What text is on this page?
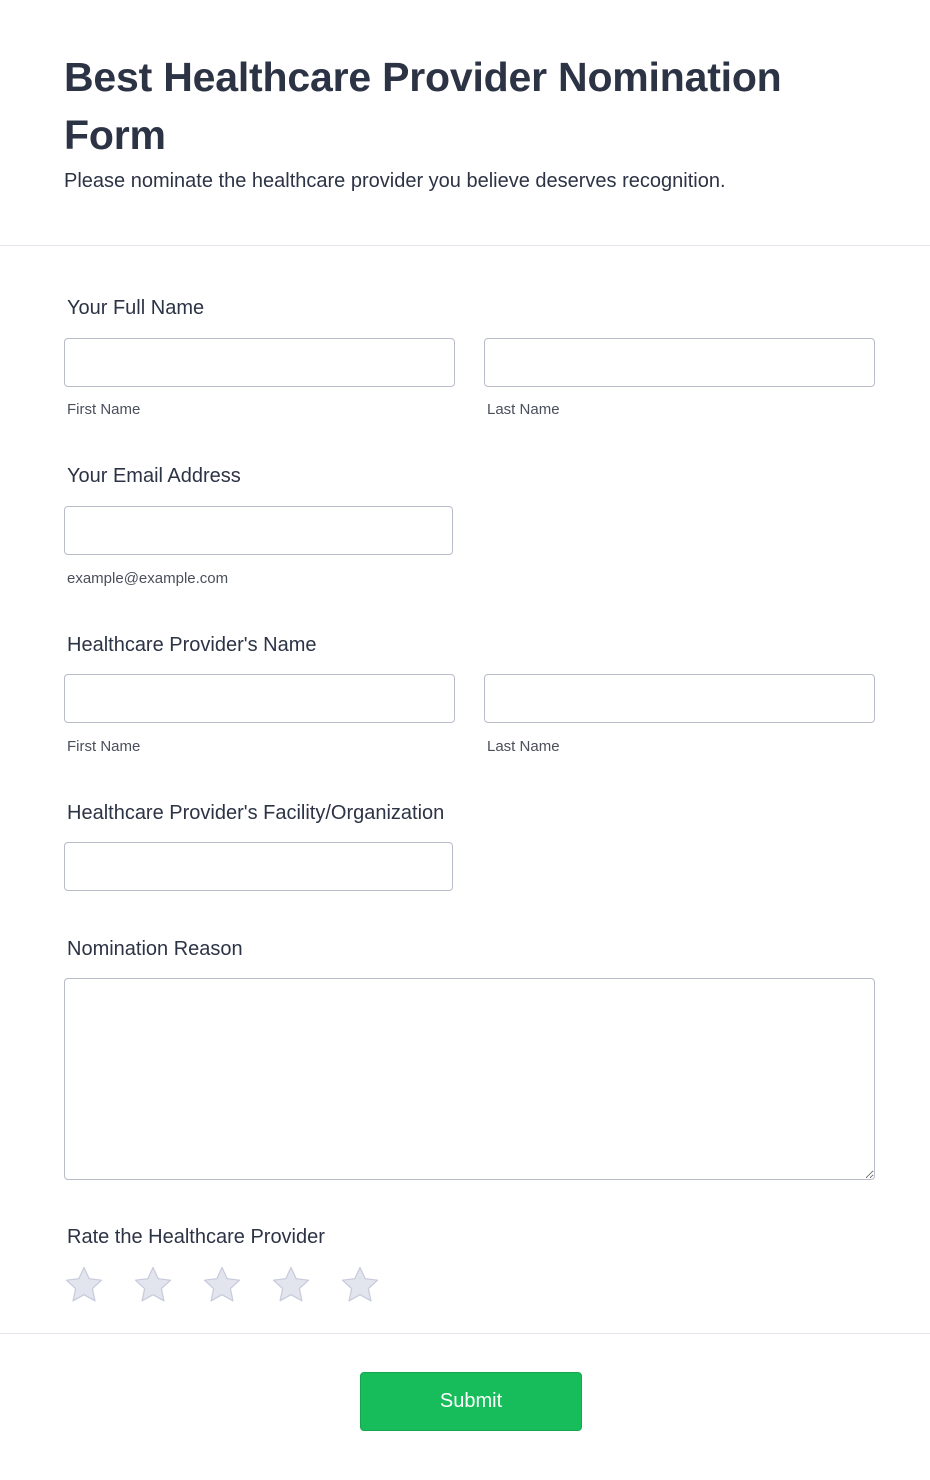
Best Healthcare Provider Nomination Form

Please nominate the healthcare provider you believe deserves recognition.

Your Full Name
First Name	Last Name
Your Email Address
example@example.com
Healthcare Provider's Name
First Name	Last Name
Healthcare Provider's Facility/Organization
Nomination Reason
Rate the Healthcare Provider
Submit
